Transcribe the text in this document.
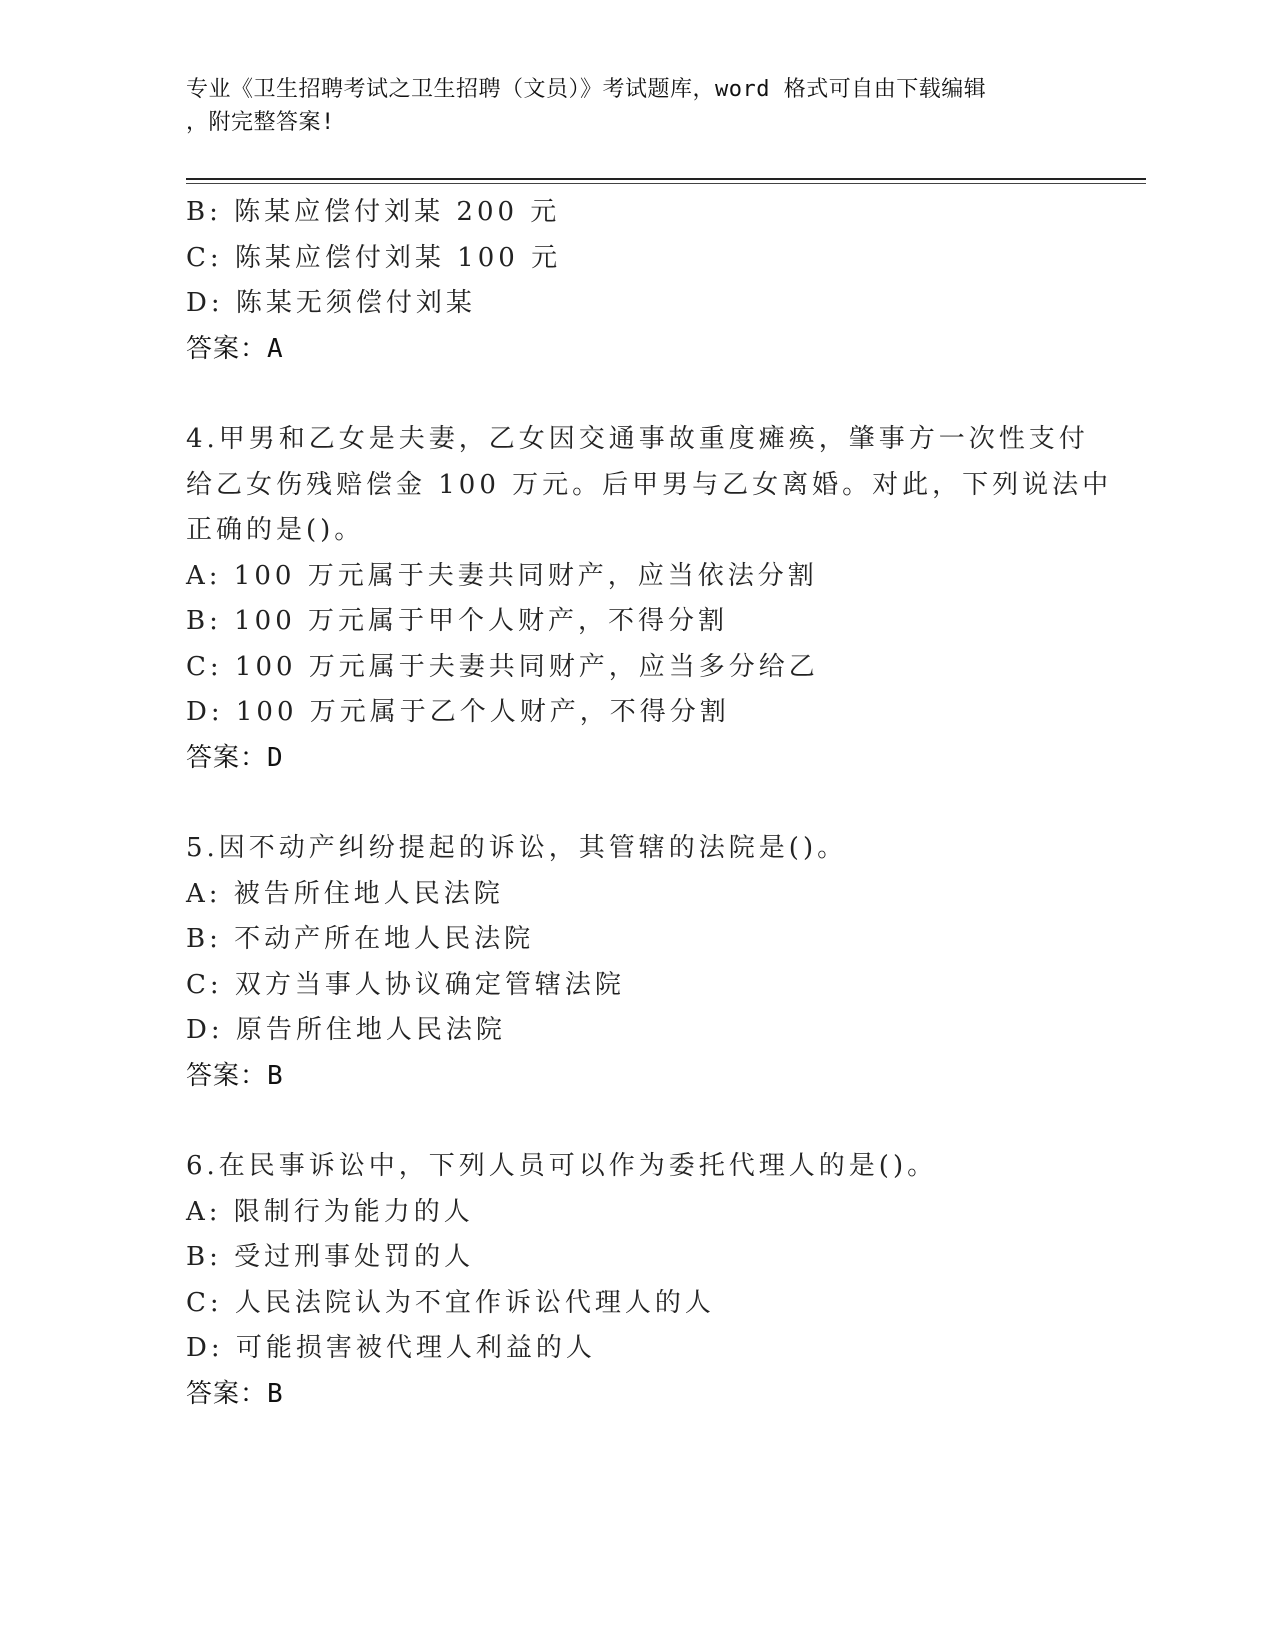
专业《卫生招聘考试之卫生招聘（文员）》考试题库，word 格式可自由下载编辑
，附完整答案!
B: 陈某应偿付刘某 200 元
C: 陈某应偿付刘某 100 元
D: 陈某无须偿付刘某
答案：A
4.甲男和乙女是夫妻，乙女因交通事故重度瘫痪，肇事方一次性支付
给乙女伤残赔偿金 100 万元。后甲男与乙女离婚。对此，下列说法中
正确的是()。
A: 100 万元属于夫妻共同财产，应当依法分割
B: 100 万元属于甲个人财产，不得分割
C: 100 万元属于夫妻共同财产，应当多分给乙
D: 100 万元属于乙个人财产，不得分割
答案：D
5.因不动产纠纷提起的诉讼，其管辖的法院是()。
A: 被告所住地人民法院
B: 不动产所在地人民法院
C: 双方当事人协议确定管辖法院
D: 原告所住地人民法院
答案：B
6.在民事诉讼中，下列人员可以作为委托代理人的是()。
A: 限制行为能力的人
B: 受过刑事处罚的人
C: 人民法院认为不宜作诉讼代理人的人
D: 可能损害被代理人利益的人
答案：B
